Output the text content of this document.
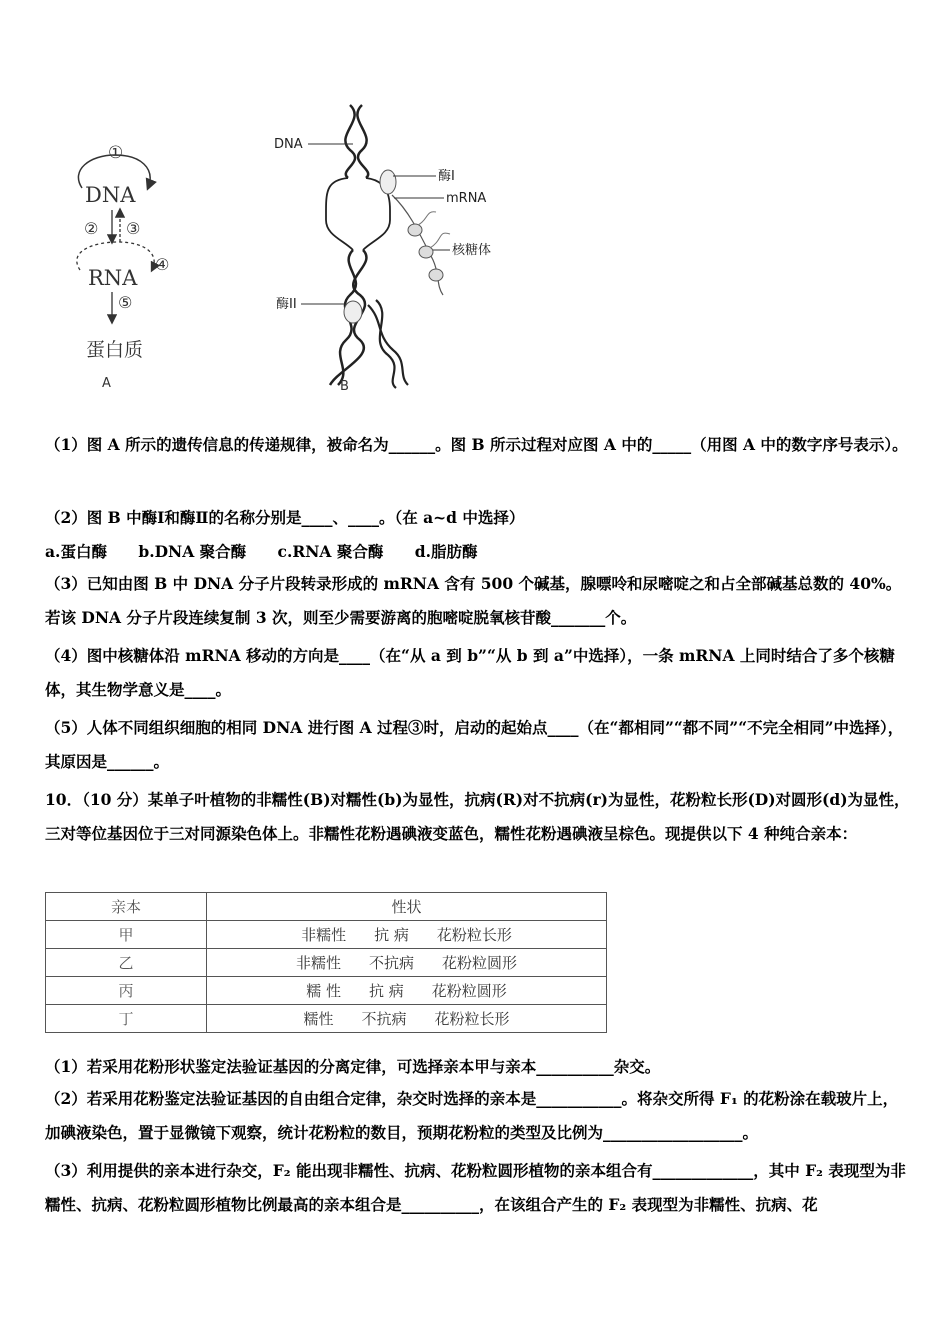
①
DNA
② ③
④
RNA
⑤
蛋白质
A
DNA
酶I
mRNA
核糖体
酶II
B
（1）图 A 所示的遗传信息的传递规律，被命名为______。图 B 所示过程对应图 A 中的_____（用图 A 中的数字序号表示）。
（2）图 B 中酶Ⅰ和酶Ⅱ的名称分别是____、____。（在 a~d 中选择）
a.蛋白酶 b.DNA 聚合酶 c.RNA 聚合酶 d.脂肪酶
（3）已知由图 B 中 DNA 分子片段转录形成的 mRNA 含有 500 个碱基，腺嘌呤和尿嘧啶之和占全部碱基总数的 40%。若该 DNA 分子片段连续复制 3 次，则至少需要游离的胞嘧啶脱氧核苷酸_______个。
（4）图中核糖体沿 mRNA 移动的方向是____（在“从 a 到 b”“从 b 到 a”中选择），一条 mRNA 上同时结合了多个核糖体，其生物学意义是____。
（5）人体不同组织细胞的相同 DNA 进行图 A 过程③时，启动的起始点____（在“都相同”“都不同”“不完全相同”中选择），其原因是______。
10．（10 分）某单子叶植物的非糯性(B)对糯性(b)为显性，抗病(R)对不抗病(r)为显性，花粉粒长形(D)对圆形(d)为显性，三对等位基因位于三对同源染色体上。非糯性花粉遇碘液变蓝色，糯性花粉遇碘液呈棕色。现提供以下 4 种纯合亲本：
亲本	性状
甲	非糯性 抗 病 花粉粒长形
乙	非糯性 不抗病 花粉粒圆形
丙	糯 性 抗 病 花粉粒圆形
丁	糯性 不抗病 花粉粒长形
（1）若采用花粉形状鉴定法验证基因的分离定律，可选择亲本甲与亲本__________杂交。
（2）若采用花粉鉴定法验证基因的自由组合定律，杂交时选择的亲本是___________。将杂交所得 F₁ 的花粉涂在载玻片上，加碘液染色，置于显微镜下观察，统计花粉粒的数目，预期花粉粒的类型及比例为__________________。
（3）利用提供的亲本进行杂交，F₂ 能出现非糯性、抗病、花粉粒圆形植物的亲本组合有_____________，其中 F₂ 表现型为非糯性、抗病、花粉粒圆形植物比例最高的亲本组合是__________，在该组合产生的 F₂ 表现型为非糯性、抗病、花
